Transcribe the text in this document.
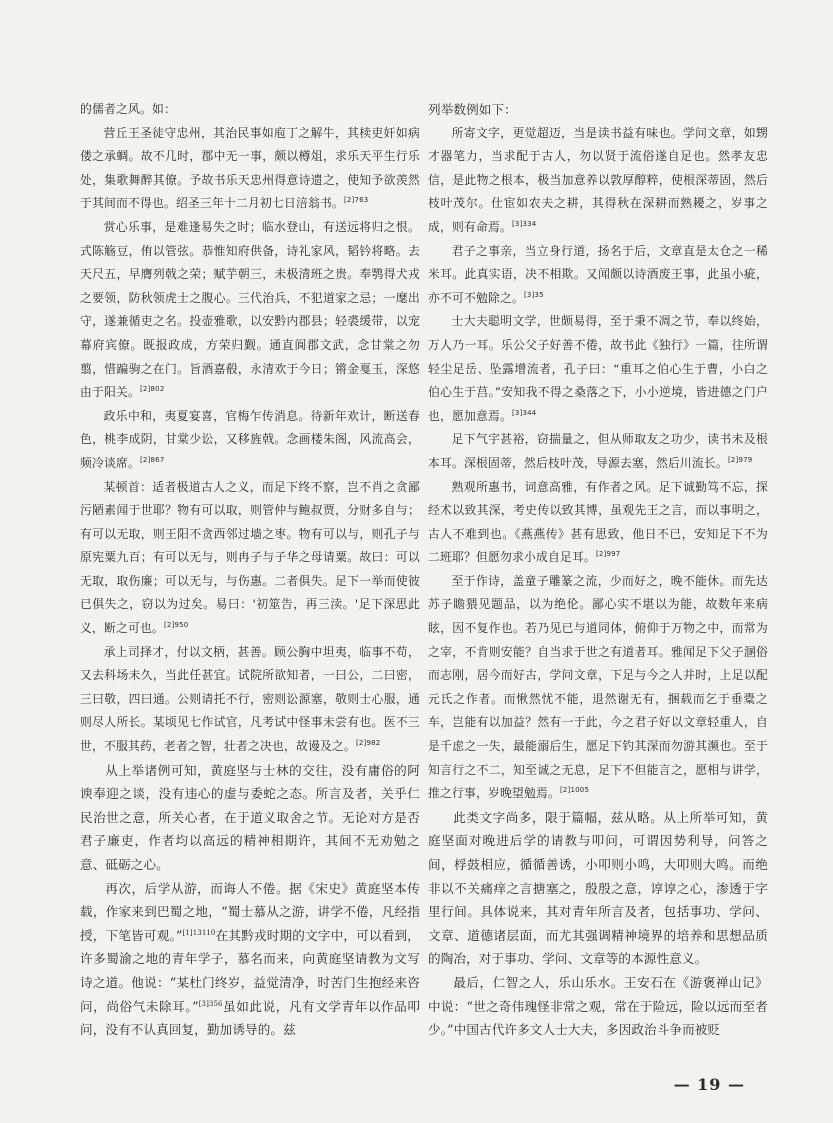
的儒者之风。如：

营丘王圣徒守忠州，其治民事如庖丁之解牛，其椟吏奸如病偻之承蜩。故不几时，郡中无一事，颇以樽俎，求乐天平生行乐处，集歌舞醉其僚。予故书乐天忠州得意诗遗之，使知予欲羡然于其间而不得也。绍圣三年十二月初七日涪翁书。$^{[2]763}$

赏心乐事，是难逢易失之时；临水登山，有送远将归之恨。式陈觞豆，侑以管弦。恭惟知府供备，诗礼家风，韬钤将略。去天尺五，早膺列戟之荣；赋芋朝三，未极清班之贵。奉鹗得犬戎之要领，防秋领虎士之腹心。三代治兵，不犯道家之忌；一麾出守，遂兼循吏之名。投壶雅歌，以安黔内郡县；轻裘缓带，以宠幕府宾僚。既报政成，方荣归觐。通直阆郡文武，念甘棠之勿翦，惜蹁驹之在门。旨酒嘉殽，永清欢于今日；锵金戛玉，深悠由于阳关。$^{[2]802}$

政乐中和，夷夏宴喜，官梅乍传消息。待新年欢计，断送春色，桃李成阴，甘棠少讼，又移旌戟。念画楼朱阁，风流高会，频冷谈席。$^{[2]867}$

某顿首：适者极道古人之义，而足下终不察，岂不肖之贪鄙污陋素闻于世耶？物有可以取，则管仲与鲍叔贾，分财多自与；有可以无取，则王阳不贪西邻过墙之枣。物有可以与，则孔子与原宪粟九百；有可以无与，则冉子与子华之母请粟。故曰：可以无取，取伤廉；可以无与，与伤惠。二者俱失。足下一举而使彼已俱失之，窃以为过矣。易曰：'初筮告，再三渎。'足下深思此义，断之可也。$^{[2]950}$

承上司择才，付以文柄，甚善。顾公胸中坦夷，临事不苟，又去科场未久，当此任甚宜。试院所欲知者，一曰公，二曰密，三曰敬，四曰通。公则请托不行，密则讼源塞，敬则士心服，通则尽人所长。某顷见七作试官，凡考试中怪事未尝有也。医不三世，不服其药，老者之智，壮者之决也，故谩及之。$^{[2]982}$

从上举诸例可知，黄庭坚与士林的交往，没有庸俗的阿谀奉迎之谈，没有违心的虚与委蛇之态。所言及者，关乎仁民治世之意，所关心者，在于道义取舍之节。无论对方是否君子廉吏，作者均以高远的精神相期许，其间不无劝勉之意、砥砺之心。

再次，后学从游，而诲人不倦。据《宋史》黄庭坚本传载，作家来到巴蜀之地，“蜀士慕从之游，讲学不倦，凡经指授，下笔皆可观。”$^{[1]13110}$在其黔戎时期的文字中，可以看到，许多蜀渝之地的青年学子，慕名而来，向黄庭坚请教为文写诗之道。他说：“某杜门终岁，益觉清净，时苦门生抱经来咨问，尚俗气未除耳。”$^{[3]356}$虽如此说，凡有文学青年以作品叩问，没有不认真回复，勤加诱导的。兹

列举数例如下：

所寄文字，更觉超迈，当是读书益有味也。学问文章，如甥才器笔力，当求配于古人，勿以贤于流俗遂自足也。然孝友忠信，是此物之根本，极当加意养以敦厚醇粹，使根深蒂固，然后枝叶茂尔。仕宦如农夫之耕，其得秋在深耕而熟耰之，岁事之成，则有命焉。$^{[3]334}$

君子之事亲，当立身行道，扬名于后，文章直是太仓之一稀米耳。此真实语，决不相欺。又闻颇以诗酒废王事，此虽小疵，亦不可不勉除之。$^{[3]35}$

士大夫聪明文学，世颇易得，至于秉不凋之节，奉以终始，万人乃一耳。乐公父子好善不倦，故书此《独行》一篇，往所谓轻尘足岳、坠露增流者，孔子曰：“重耳之伯心生于曹，小白之伯心生于莒。”安知我不得之桑落之下，小小逆境，皆进德之门户也，愿加意焉。$^{[3]344}$

足下气宇甚裕，窃揣量之，但从师取友之功少，读书未及根本耳。深根固蒂，然后枝叶茂，导源去塞，然后川流长。$^{[2]979}$

熟观所惠书，词意高雅，有作者之风。足下诚勤笃不忘，探经术以致其深，考史传以致其博，虽观先王之言，而以事明之，古人不难到也。《燕燕传》甚有思致，他日不已，安知足下不为二班耶？但愿勿求小成自足耳。$^{[2]997}$

至于作诗，盖童子雕篆之流，少而好之，晚不能休。而先达苏子瞻猥见题品，以为绝伦。鄙心实不堪以为能，故数年来病眩，因不复作也。若乃见已与道同体，俯仰于万物之中，而常为之宰，不肯则安能？自当求于世之有道者耳。雅闻足下父子溷俗而志刚，居今而好古，学问文章，下足与今之人并时，上足以配元氏之作者。而愀然忧不能，退然谢无有，捆载而乞于垂橐之车，岂能有以加益？然有一于此，今之君子好以文章轻重人，自是千虑之一失，最能溺后生，愿足下钓其深而勿游其濒也。至于知言行之不二，知至诚之无息，足下不但能言之，愿相与讲学，推之行事，岁晚望勉焉。$^{[2]1005}$

此类文字尚多，限于篇幅，兹从略。从上所举可知，黄庭坚面对晚进后学的请教与叩问，可谓因势利导，问答之间，桴鼓相应，循循善诱，小叩则小鸣，大叩则大鸣。而绝非以不关痛痒之言搪塞之，殷殷之意，谆谆之心，渗透于字里行间。具体说来，其对青年所言及者，包括事功、学问、文章、道德诸层面，而尤其强调精神境界的培养和思想品质的陶冶，对于事功、学问、文章等的本源性意义。

最后，仁智之人，乐山乐水。王安石在《游褒禅山记》中说：“世之奇伟瑰怪非常之观，常在于险远，险以远而至者少。”中国古代许多文人士大夫，多因政治斗争而被贬

— 19 —
